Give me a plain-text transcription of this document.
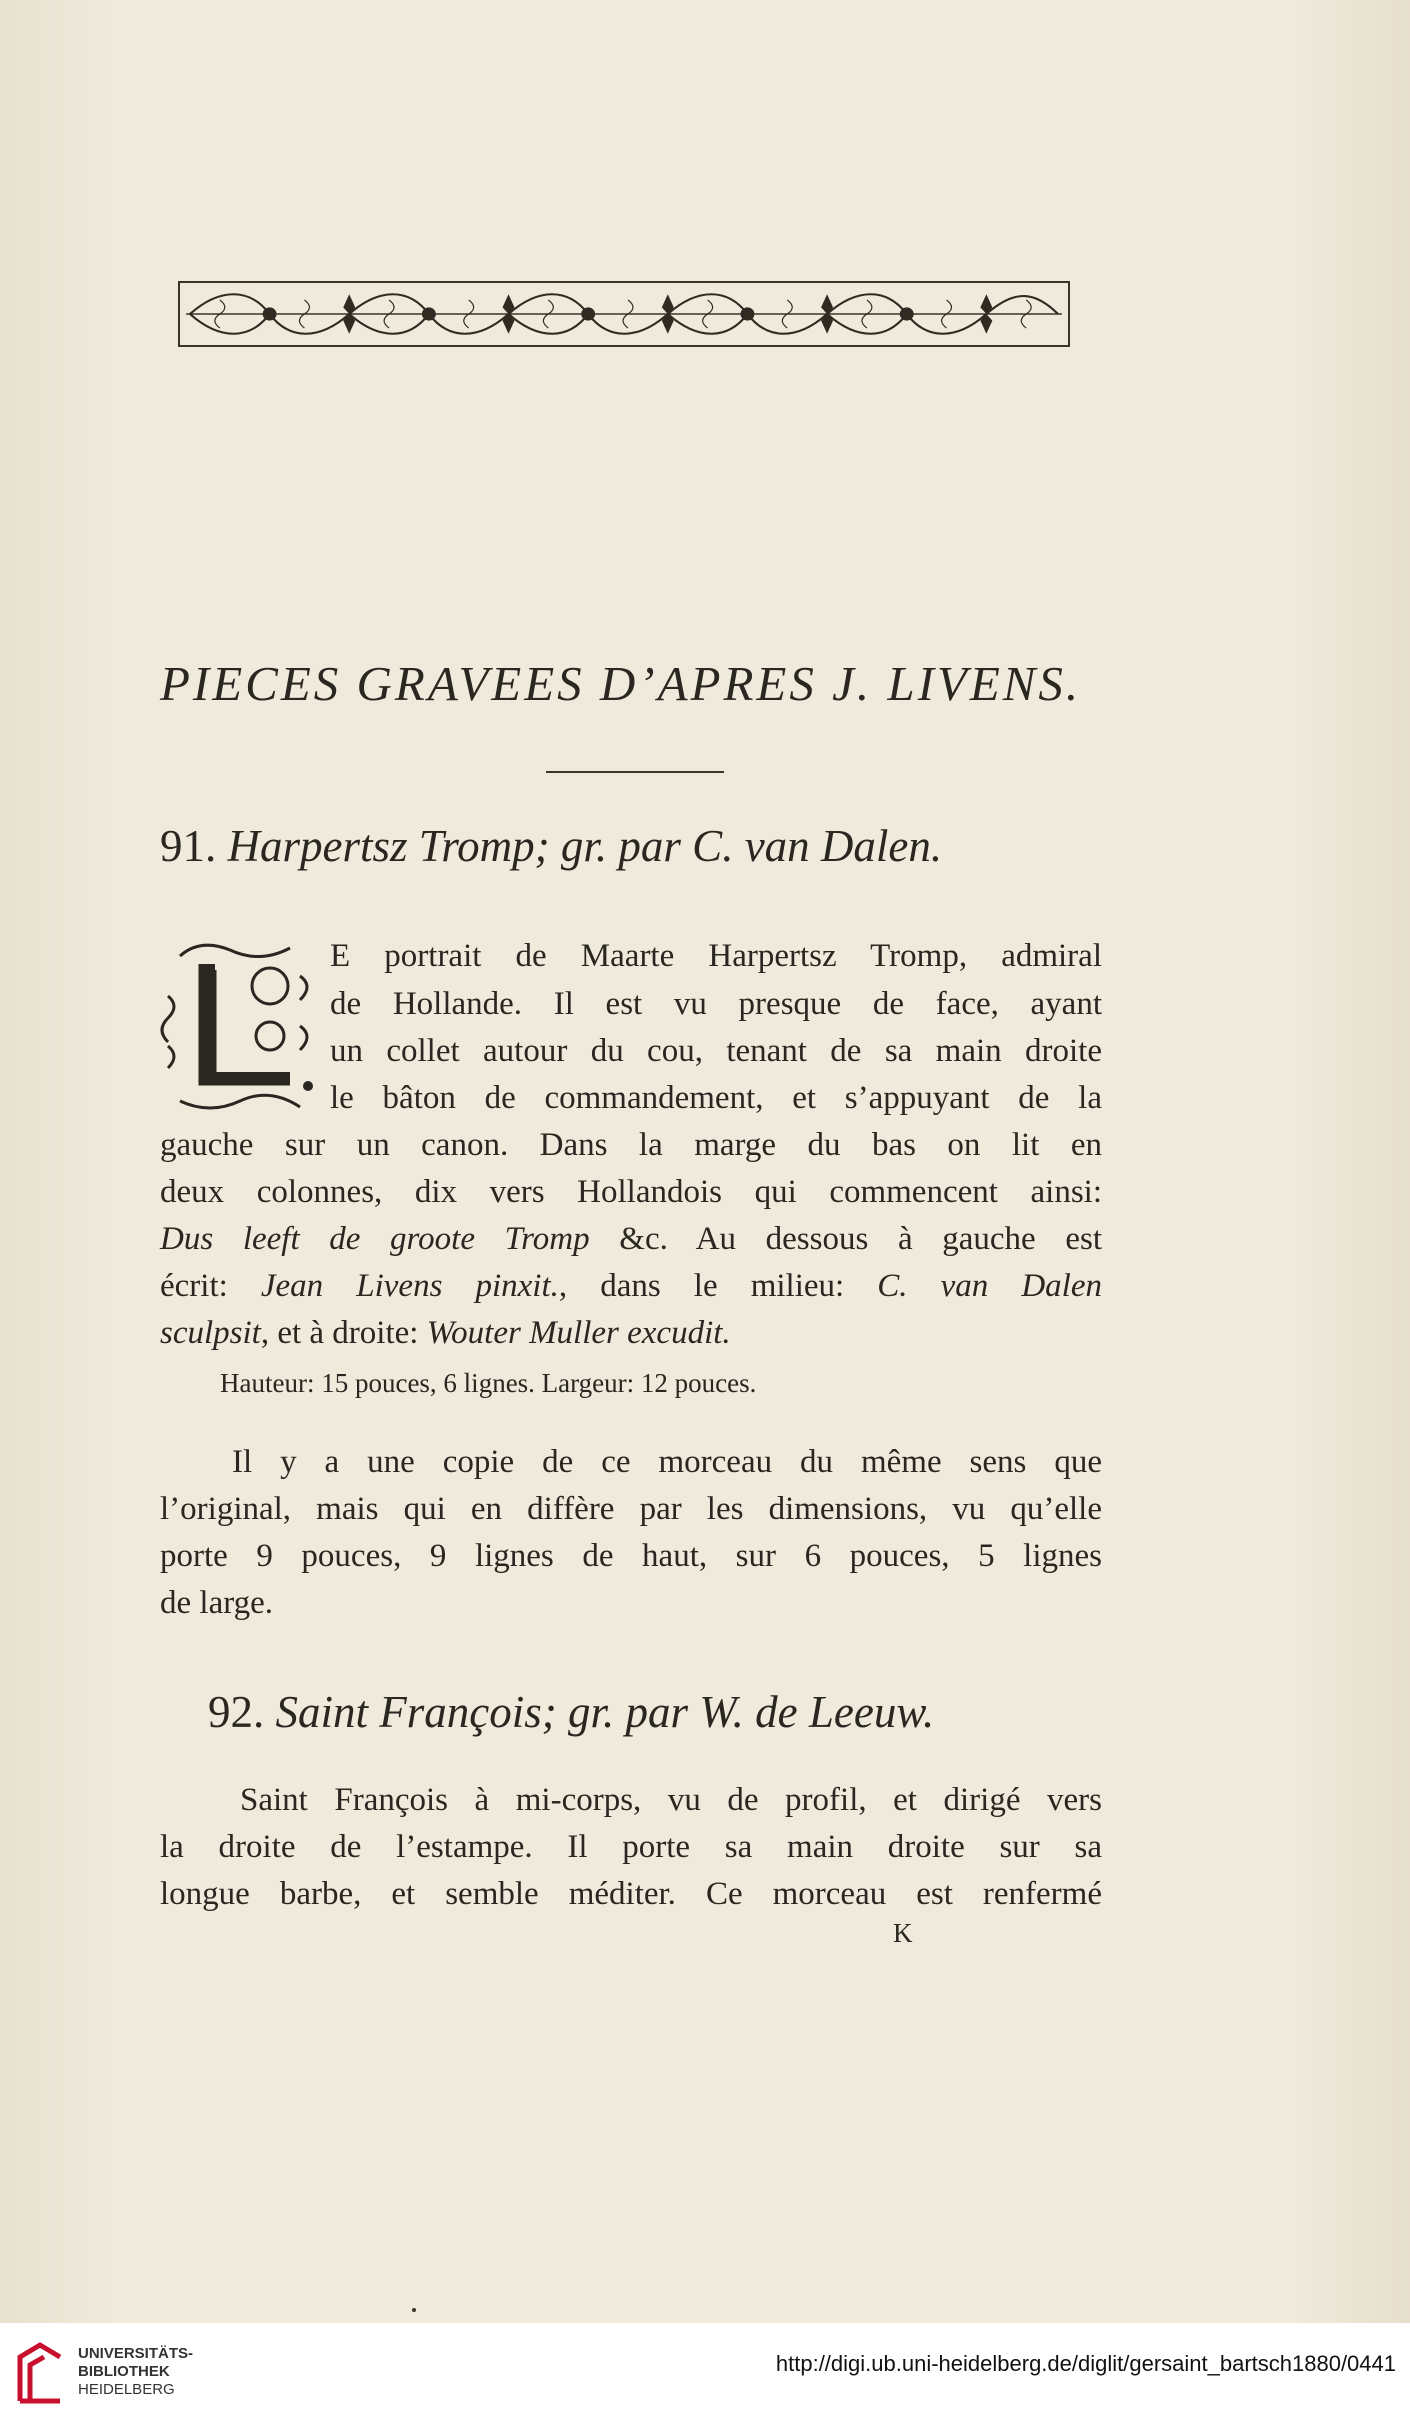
PIECES GRAVEES D’APRES J. LIVENS.
91. Harpertsz Tromp; gr. par C. van Dalen.
E portrait de Maarte Harpertsz Tromp, admiral
de Hollande. Il est vu presque de face, ayant
un collet autour du cou, tenant de sa main droite
le bâton de commandement, et s’appuyant de la
gauche sur un canon. Dans la marge du bas on lit en
deux colonnes, dix vers Hollandois qui commencent ainsi:
Dus leeft de groote Tromp &c. Au dessous à gauche est
écrit: Jean Livens pinxit., dans le milieu: C. van Dalen
sculpsit, et à droite: Wouter Muller excudit.
Hauteur: 15 pouces, 6 lignes. Largeur: 12 pouces.
Il y a une copie de ce morceau du même sens que
l’original, mais qui en diffère par les dimensions, vu qu’elle
porte 9 pouces, 9 lignes de haut, sur 6 pouces, 5 lignes
de large.
92. Saint François; gr. par W. de Leeuw.
Saint François à mi-corps, vu de profil, et dirigé vers
la droite de l’estampe. Il porte sa main droite sur sa
longue barbe, et semble méditer. Ce morceau est renfermé
K
UNIVERSITÄTS-
BIBLIOTHEK
HEIDELBERG
http://digi.ub.uni-heidelberg.de/diglit/gersaint_bartsch1880/0441
